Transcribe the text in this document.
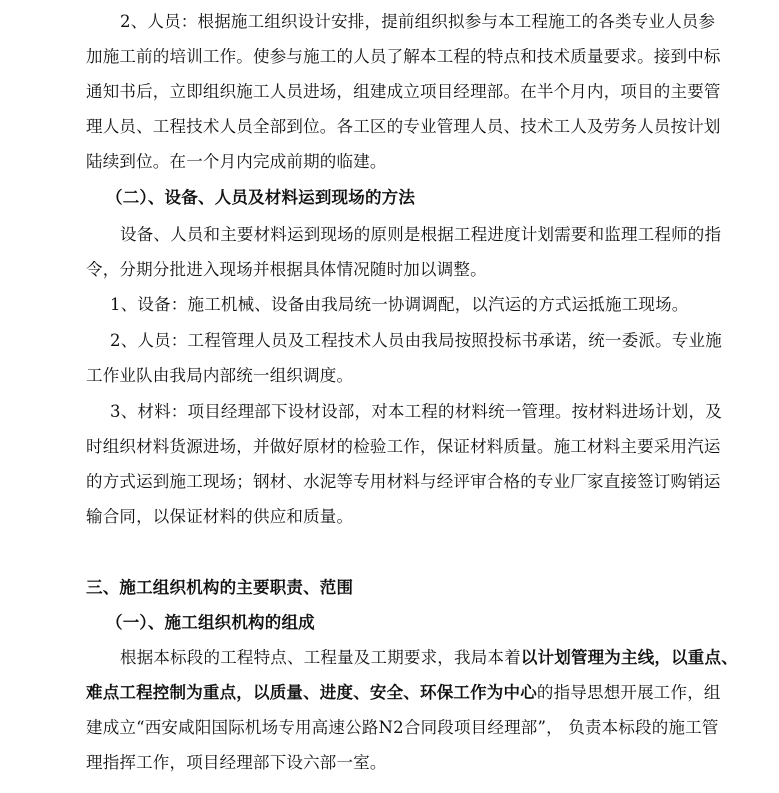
2、人员：根据施工组织设计安排，提前组织拟参与本工程施工的各类专业人员参
加施工前的培训工作。使参与施工的人员了解本工程的特点和技术质量要求。接到中标
通知书后，立即组织施工人员进场，组建成立项目经理部。在半个月内，项目的主要管
理人员、工程技术人员全部到位。各工区的专业管理人员、技术工人及劳务人员按计划
陆续到位。在一个月内完成前期的临建。
（二）、设备、人员及材料运到现场的方法
设备、人员和主要材料运到现场的原则是根据工程进度计划需要和监理工程师的指
令，分期分批进入现场并根据具体情况随时加以调整。
1、设备：施工机械、设备由我局统一协调调配，以汽运的方式运抵施工现场。
2、人员：工程管理人员及工程技术人员由我局按照投标书承诺，统一委派。专业施
工作业队由我局内部统一组织调度。
3、材料：项目经理部下设材设部，对本工程的材料统一管理。按材料进场计划，及
时组织材料货源进场，并做好原材的检验工作，保证材料质量。施工材料主要采用汽运
的方式运到施工现场；钢材、水泥等专用材料与经评审合格的专业厂家直接签订购销运
输合同，以保证材料的供应和质量。
三、施工组织机构的主要职责、范围
（一）、施工组织机构的组成
根据本标段的工程特点、工程量及工期要求，我局本着以计划管理为主线，以重点、
难点工程控制为重点，以质量、进度、安全、环保工作为中心的指导思想开展工作，组
建成立“西安咸阳国际机场专用高速公路N2合同段项目经理部”， 负责本标段的施工管
理指挥工作，项目经理部下设六部一室。
